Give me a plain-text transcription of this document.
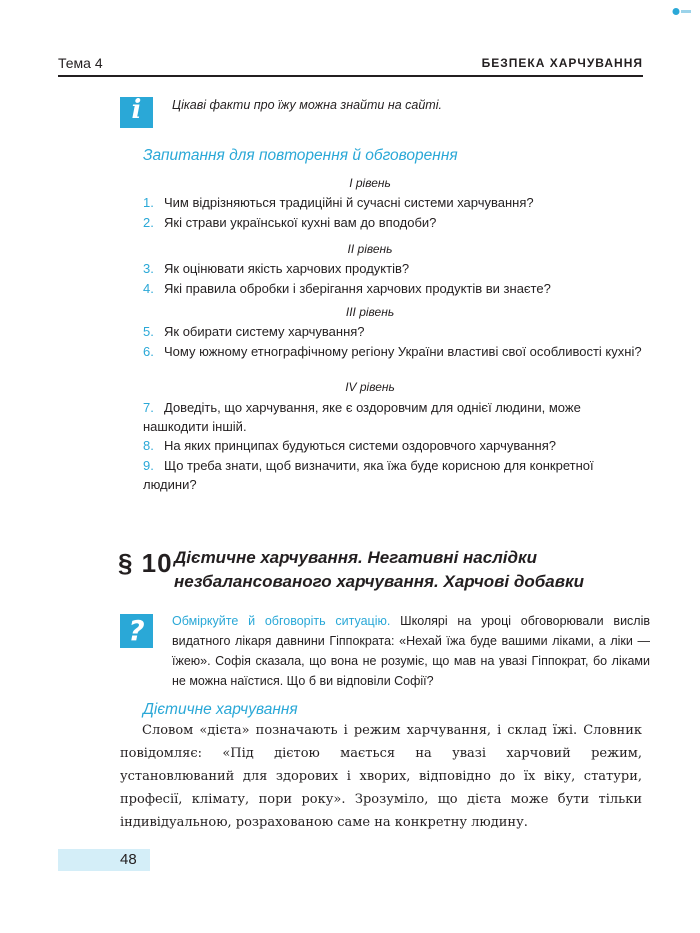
Тема 4	БЕЗПЕКА ХАРЧУВАННЯ
i	Цікаві факти про їжу можна знайти на сайті.
Запитання для повторення й обговорення
І рівень
1. Чим відрізняються традиційні й сучасні системи харчування?
2. Які страви української кухні вам до вподоби?
ІІ рівень
3. Як оцінювати якість харчових продуктів?
4. Які правила обробки і зберігання харчових продуктів ви знаєте?
ІІІ рівень
5. Як обирати систему харчування?
6. Чому южному етнографічному регіону України властиві свої особливості кухні?
IV рівень
7. Доведіть, що харчування, яке є оздоровчим для однієї людини, може нашкодити іншій.
8. На яких принципах будуються системи оздоровчого харчування?
9. Що треба знати, щоб визначити, яка їжа буде корисною для конкретної людини?
§ 10 Дієтичне харчування. Негативні наслідки незбалансованого харчування. Харчові добавки
?	Обміркуйте й обговоріть ситуацію. Школярі на уроці обговорювали вислів видатного лікаря давнини Гіппократа: «Нехай їжа буде вашими ліками, а ліки — їжею». Софія сказала, що вона не розуміє, що мав на увазі Гіппократ, бо ліками не можна наїстися. Що б ви відповіли Софії?
Дієтичне харчування
Словом «дієта» позначають і режим харчування, і склад їжі. Словник повідомляє: «Під дієтою мається на увазі харчовий режим, установлюваний для здорових і хворих, відповідно до їх віку, статури, професії, клімату, пори року». Зрозуміло, що дієта може бути тільки індивідуальною, розрахованою саме на конкретну людину.
48
